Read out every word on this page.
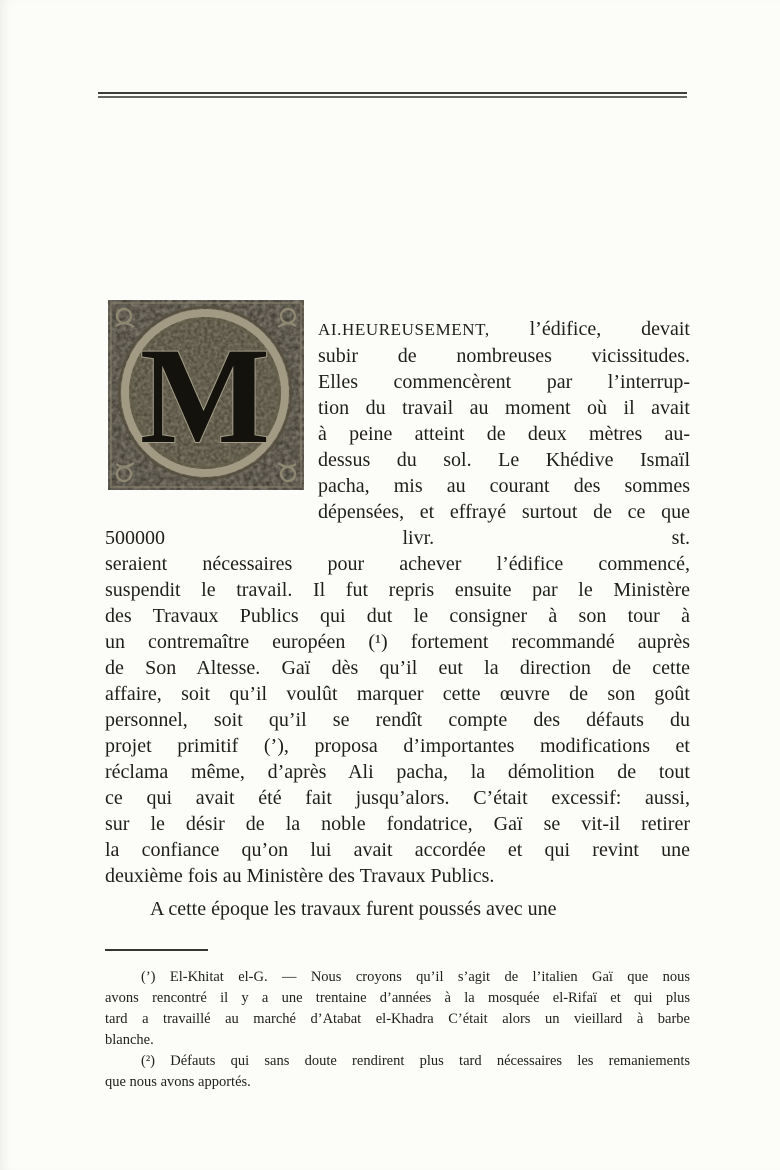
M	AI.HEUREUSEMENT, l’édifice, devait
subir de nombreuses vicissitudes.
Elles commencèrent par l’interrup-
tion du travail au moment où il avait
à peine atteint de deux mètres au-
dessus du sol. Le Khédive Ismaïl
pacha, mis au courant des sommes
dépensées, et effrayé surtout de ce que 500000 livr. st.
seraient nécessaires pour achever l’édifice commencé,
suspendit le travail. Il fut repris ensuite par le Ministère
des Travaux Publics qui dut le consigner à son tour à
un contremaître européen (¹) fortement recommandé auprès
de Son Altesse. Gaï dès qu’il eut la direction de cette
affaire, soit qu’il voulût marquer cette œuvre de son goût
personnel, soit qu’il se rendît compte des défauts du
projet primitif (’), proposa d’importantes modifications et
réclama même, d’après Ali pacha, la démolition de tout
ce qui avait été fait jusqu’alors. C’était excessif: aussi,
sur le désir de la noble fondatrice, Gaï se vit-il retirer
la confiance qu’on lui avait accordée et qui revint une
deuxième fois au Ministère des Travaux Publics.
A cette époque les travaux furent poussés avec une
(’) El-Khitat el-G. — Nous croyons qu’il s’agit de l’italien Gaï que nous
avons rencontré il y a une trentaine d’années à la mosquée el-Rifaï et qui plus
tard a travaillé au marché d’Atabat el-Khadra C’était alors un vieillard à barbe
blanche.
(²) Défauts qui sans doute rendirent plus tard nécessaires les remaniements
que nous avons apportés.
